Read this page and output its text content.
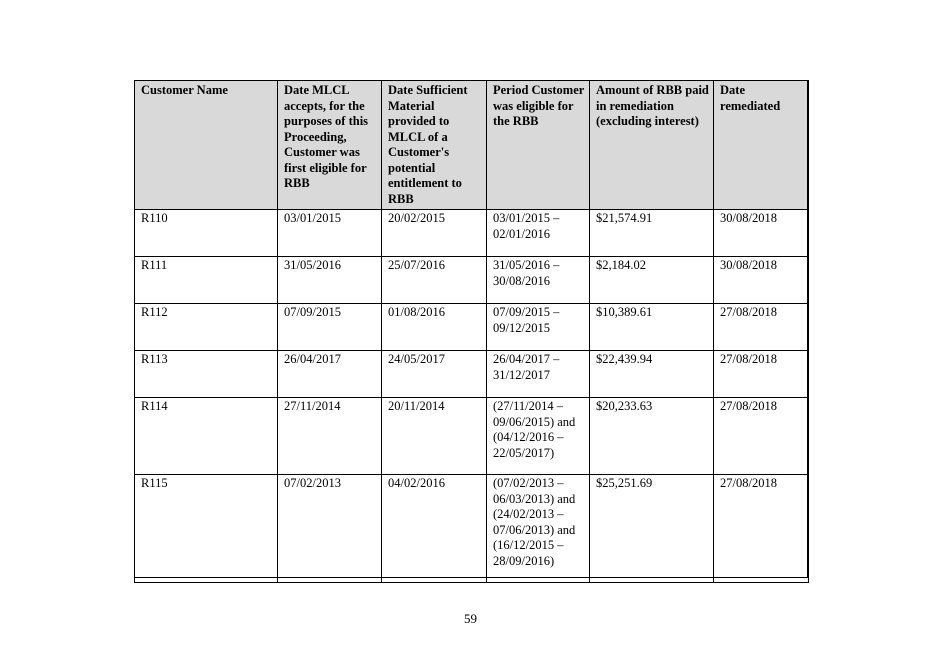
Customer Name	Date MLCL accepts, for the purposes of this Proceeding, Customer was first eligible for RBB	Date Sufficient Material provided to MLCL of a Customer's potential entitlement to RBB	Period Customer was eligible for the RBB	Amount of RBB paid in remediation (excluding interest)	Date remediated
R110	03/01/2015	20/02/2015	03/01/2015 – 02/01/2016	$21,574.91	30/08/2018
R111	31/05/2016	25/07/2016	31/05/2016 – 30/08/2016	$2,184.02	30/08/2018
R112	07/09/2015	01/08/2016	07/09/2015 – 09/12/2015	$10,389.61	27/08/2018
R113	26/04/2017	24/05/2017	26/04/2017 – 31/12/2017	$22,439.94	27/08/2018
R114	27/11/2014	20/11/2014	(27/11/2014 – 09/06/2015) and (04/12/2016 – 22/05/2017)	$20,233.63	27/08/2018
R115	07/02/2013	04/02/2016	(07/02/2013 – 06/03/2013) and (24/02/2013 – 07/06/2013) and (16/12/2015 – 28/09/2016)	$25,251.69	27/08/2018
59
